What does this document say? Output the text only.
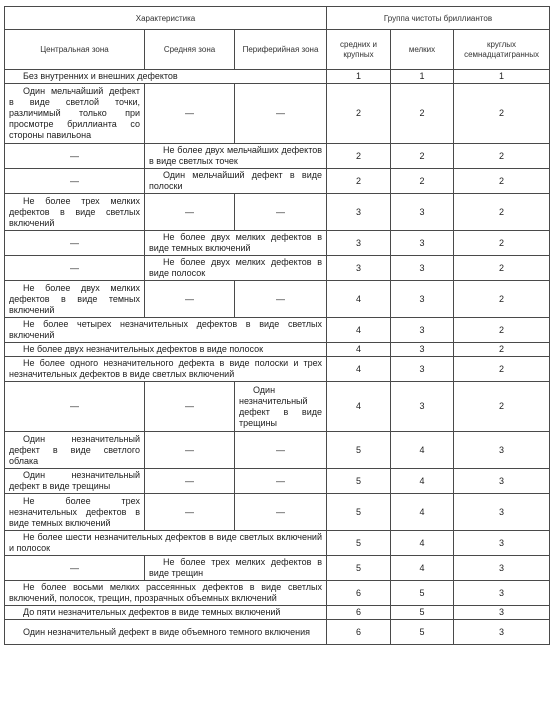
Характеристика			Группа чистоты бриллиантов		
Центральная зона	Средняя зона	Периферийная зона	средних и крупных	мелких	круглых семнадцатигранных
Без внутренних и внешних дефектов			1	1	1
Один мельчайший дефект в виде светлой точки, различимый только при просмотре бриллианта со стороны павильона	—	—	2	2	2
—	Не более двух мельчайших дефектов в виде светлых точек		2	2	2
—	Один мельчайший дефект в виде полоски		2	2	2
Не более трех мелких дефектов в виде светлых включений	—	—	3	3	2
—	Не более двух мелких дефектов в виде темных включений		3	3	2
—	Не более двух мелких дефектов в виде полосок		3	3	2
Не более двух мелких дефектов в виде темных включений	—	—	4	3	2
Не более четырех незначительных дефектов в виде светлых включений			4	3	2
Не более двух незначительных дефектов в виде полосок			4	3	2
Не более одного незначительного дефекта в виде полоски и трех незначительных дефектов в виде светлых включений			4	3	2
—	—	Один незначительный дефект в виде трещины	4	3	2
Один незначительный дефект в виде светлого облака	—	—	5	4	3
Один незначительный дефект в виде трещины	—	—	5	4	3
Не более трех незначительных дефектов в виде темных включений	—	—	5	4	3
Не более шести незначительных дефектов в виде светлых включений и полосок			5	4	3
—	Не более трех мелких дефектов в виде трещин		5	4	3
Не более восьми мелких рассеянных дефектов в виде светлых включений, полосок, трещин, прозрачных объемных включений			6	5	3
До пяти незначительных дефектов в виде темных включений			6	5	3
Один незначительный дефект в виде объемного темного включения			6	5	3
